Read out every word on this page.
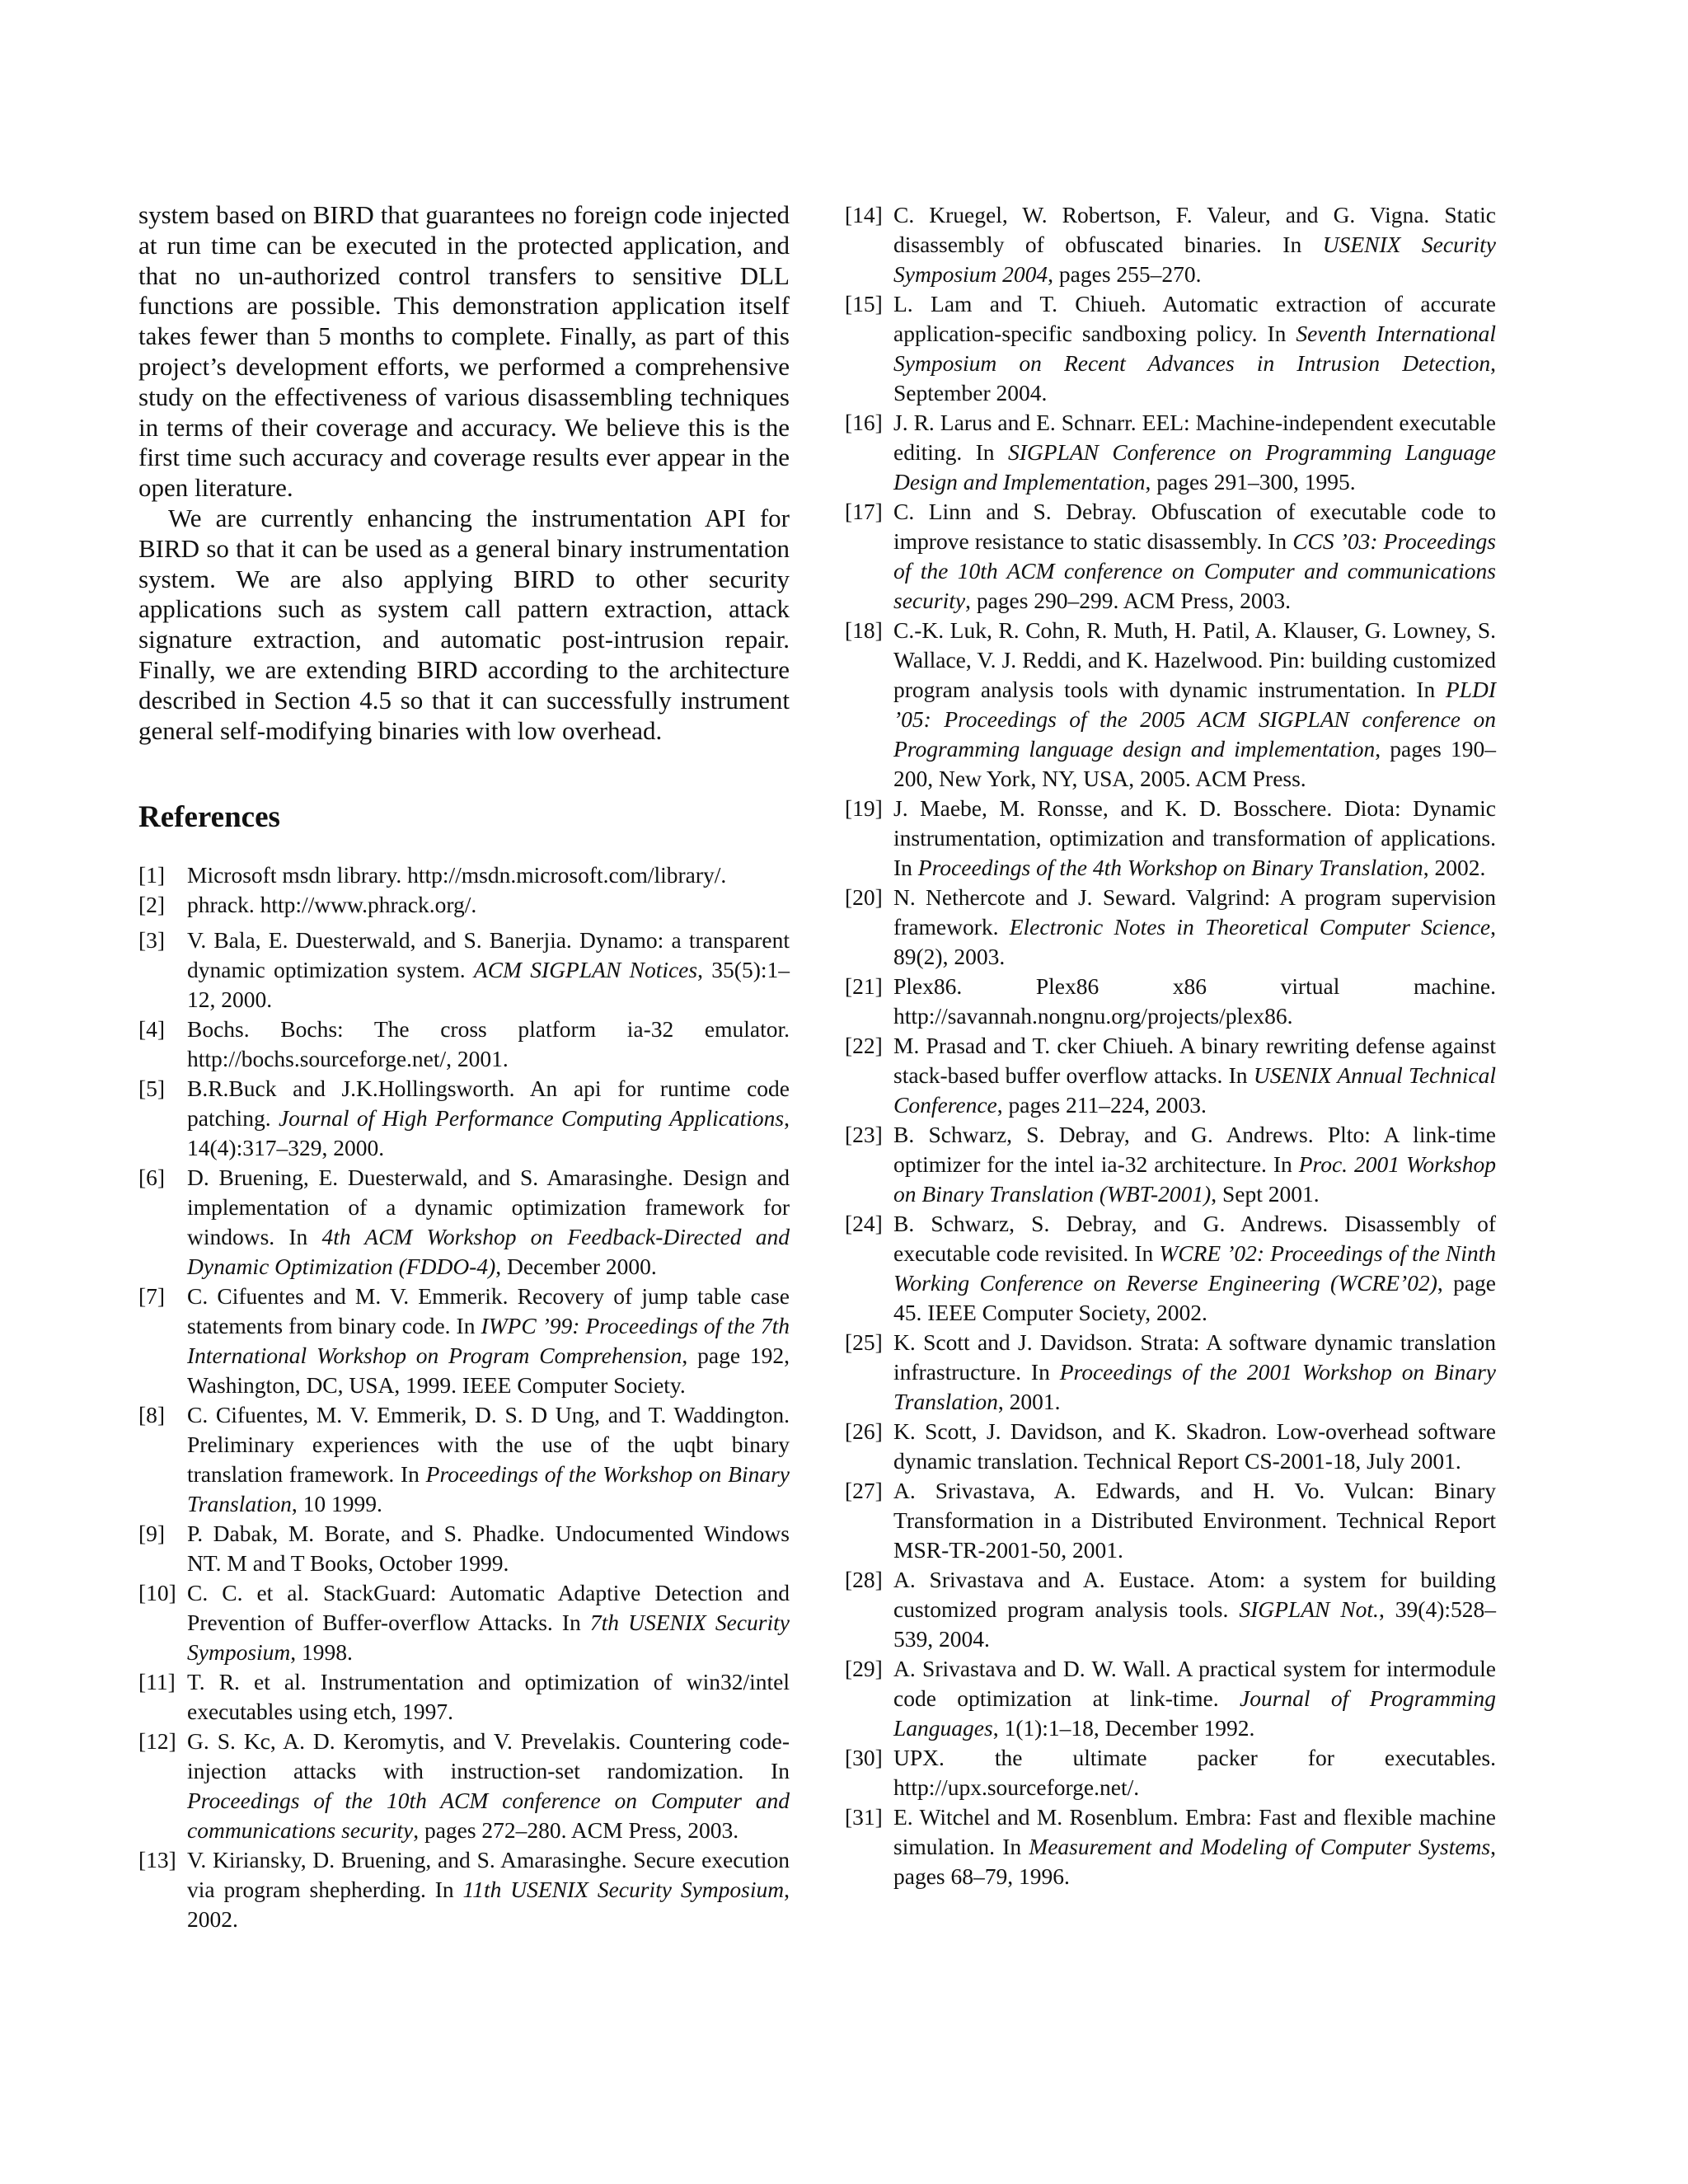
system based on BIRD that guarantees no foreign code injected at run time can be executed in the protected application, and that no un-authorized control transfers to sensitive DLL functions are possible. This demonstration application itself takes fewer than 5 months to complete. Finally, as part of this project’s development efforts, we performed a comprehensive study on the effectiveness of various disassembling techniques in terms of their coverage and accuracy. We believe this is the first time such accuracy and coverage results ever appear in the open literature.

We are currently enhancing the instrumentation API for BIRD so that it can be used as a general binary instrumentation system. We are also applying BIRD to other security applications such as system call pattern extraction, attack signature extraction, and automatic post-intrusion repair. Finally, we are extending BIRD according to the architecture described in Section 4.5 so that it can successfully instrument general self-modifying binaries with low overhead.

References
[1] Microsoft msdn library. http://msdn.microsoft.com/library/.
[2] phrack. http://www.phrack.org/.
[3] V. Bala, E. Duesterwald, and S. Banerjia. Dynamo: a transparent dynamic optimization system. ACM SIGPLAN Notices, 35(5):1–12, 2000.
[4] Bochs. Bochs: The cross platform ia-32 emulator. http://bochs.sourceforge.net/, 2001.
[5] B.R.Buck and J.K.Hollingsworth. An api for runtime code patching. Journal of High Performance Computing Applications, 14(4):317–329, 2000.
[6] D. Bruening, E. Duesterwald, and S. Amarasinghe. Design and implementation of a dynamic optimization framework for windows. In 4th ACM Workshop on Feedback-Directed and Dynamic Optimization (FDDO-4), December 2000.
[7] C. Cifuentes and M. V. Emmerik. Recovery of jump table case statements from binary code. In IWPC ’99: Proceedings of the 7th International Workshop on Program Comprehension, page 192, Washington, DC, USA, 1999. IEEE Computer Society.
[8] C. Cifuentes, M. V. Emmerik, D. S. D Ung, and T. Waddington. Preliminary experiences with the use of the uqbt binary translation framework. In Proceedings of the Workshop on Binary Translation, 10 1999.
[9] P. Dabak, M. Borate, and S. Phadke. Undocumented Windows NT. M and T Books, October 1999.
[10] C. C. et al. StackGuard: Automatic Adaptive Detection and Prevention of Buffer-overflow Attacks. In 7th USENIX Security Symposium, 1998.
[11] T. R. et al. Instrumentation and optimization of win32/intel executables using etch, 1997.
[12] G. S. Kc, A. D. Keromytis, and V. Prevelakis. Countering code-injection attacks with instruction-set randomization. In Proceedings of the 10th ACM conference on Computer and communications security, pages 272–280. ACM Press, 2003.
[13] V. Kiriansky, D. Bruening, and S. Amarasinghe. Secure execution via program shepherding. In 11th USENIX Security Symposium, 2002.
[14] C. Kruegel, W. Robertson, F. Valeur, and G. Vigna. Static disassembly of obfuscated binaries. In USENIX Security Symposium 2004, pages 255–270.
[15] L. Lam and T. Chiueh. Automatic extraction of accurate application-specific sandboxing policy. In Seventh International Symposium on Recent Advances in Intrusion Detection, September 2004.
[16] J. R. Larus and E. Schnarr. EEL: Machine-independent executable editing. In SIGPLAN Conference on Programming Language Design and Implementation, pages 291–300, 1995.
[17] C. Linn and S. Debray. Obfuscation of executable code to improve resistance to static disassembly. In CCS ’03: Proceedings of the 10th ACM conference on Computer and communications security, pages 290–299. ACM Press, 2003.
[18] C.-K. Luk, R. Cohn, R. Muth, H. Patil, A. Klauser, G. Lowney, S. Wallace, V. J. Reddi, and K. Hazelwood. Pin: building customized program analysis tools with dynamic instrumentation. In PLDI ’05: Proceedings of the 2005 ACM SIGPLAN conference on Programming language design and implementation, pages 190–200, New York, NY, USA, 2005. ACM Press.
[19] J. Maebe, M. Ronsse, and K. D. Bosschere. Diota: Dynamic instrumentation, optimization and transformation of applications. In Proceedings of the 4th Workshop on Binary Translation, 2002.
[20] N. Nethercote and J. Seward. Valgrind: A program supervision framework. Electronic Notes in Theoretical Computer Science, 89(2), 2003.
[21] Plex86. Plex86 x86 virtual machine. http://savannah.nongnu.org/projects/plex86.
[22] M. Prasad and T. cker Chiueh. A binary rewriting defense against stack-based buffer overflow attacks. In USENIX Annual Technical Conference, pages 211–224, 2003.
[23] B. Schwarz, S. Debray, and G. Andrews. Plto: A link-time optimizer for the intel ia-32 architecture. In Proc. 2001 Workshop on Binary Translation (WBT-2001), Sept 2001.
[24] B. Schwarz, S. Debray, and G. Andrews. Disassembly of executable code revisited. In WCRE ’02: Proceedings of the Ninth Working Conference on Reverse Engineering (WCRE’02), page 45. IEEE Computer Society, 2002.
[25] K. Scott and J. Davidson. Strata: A software dynamic translation infrastructure. In Proceedings of the 2001 Workshop on Binary Translation, 2001.
[26] K. Scott, J. Davidson, and K. Skadron. Low-overhead software dynamic translation. Technical Report CS-2001-18, July 2001.
[27] A. Srivastava, A. Edwards, and H. Vo. Vulcan: Binary Transformation in a Distributed Environment. Technical Report MSR-TR-2001-50, 2001.
[28] A. Srivastava and A. Eustace. Atom: a system for building customized program analysis tools. SIGPLAN Not., 39(4):528–539, 2004.
[29] A. Srivastava and D. W. Wall. A practical system for intermodule code optimization at link-time. Journal of Programming Languages, 1(1):1–18, December 1992.
[30] UPX. the ultimate packer for executables. http://upx.sourceforge.net/.
[31] E. Witchel and M. Rosenblum. Embra: Fast and flexible machine simulation. In Measurement and Modeling of Computer Systems, pages 68–79, 1996.
